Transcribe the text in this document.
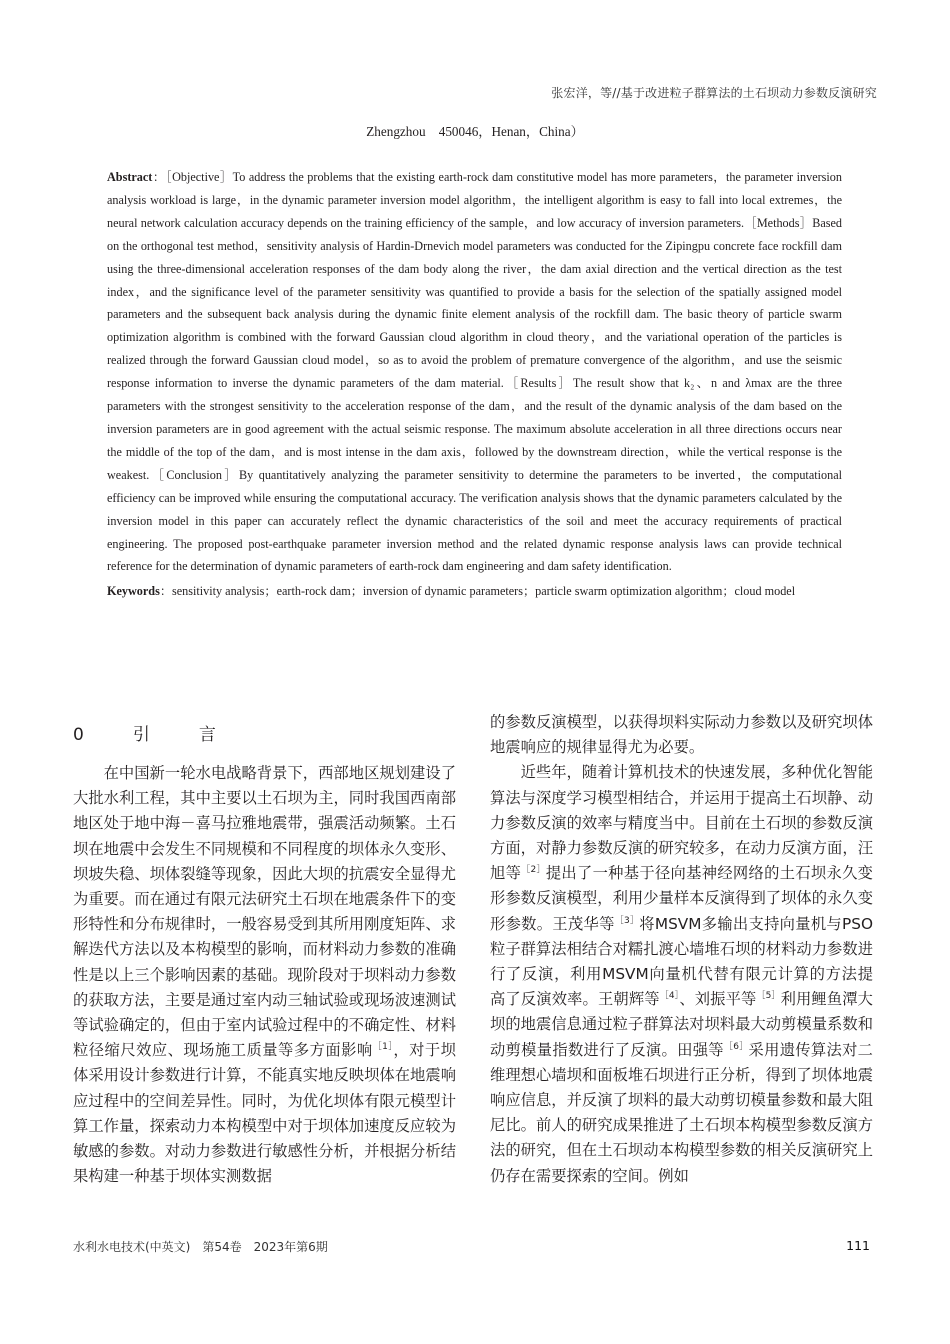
张宏洋，等//基于改进粒子群算法的土石坝动力参数反演研究
Zhengzhou　450046，Henan，China）
Abstract：［Objective］To address the problems that the existing earth-rock dam constitutive model has more parameters，the parameter inversion analysis workload is large，in the dynamic parameter inversion model algorithm，the intelligent algorithm is easy to fall into local extremes，the neural network calculation accuracy depends on the training efficiency of the sample，and low accuracy of inversion parameters.［Methods］Based on the orthogonal test method，sensitivity analysis of Hardin-Drnevich model parameters was conducted for the Zipingpu concrete face rockfill dam using the three-dimensional acceleration responses of the dam body along the river，the dam axial direction and the vertical direction as the test index，and the significance level of the parameter sensitivity was quantified to provide a basis for the selection of the spatially assigned model parameters and the subsequent back analysis during the dynamic finite element analysis of the rockfill dam. The basic theory of particle swarm optimization algorithm is combined with the forward Gaussian cloud algorithm in cloud theory，and the variational operation of the particles is realized through the forward Gaussian cloud model，so as to avoid the problem of premature convergence of the algorithm，and use the seismic response information to inverse the dynamic parameters of the dam material.［Results］The result show that k₂、n and λmax are the three parameters with the strongest sensitivity to the acceleration response of the dam，and the result of the dynamic analysis of the dam based on the inversion parameters are in good agreement with the actual seismic response. The maximum absolute acceleration in all three directions occurs near the middle of the top of the dam，and is most intense in the dam axis，followed by the downstream direction，while the vertical response is the weakest.［Conclusion］By quantitatively analyzing the parameter sensitivity to determine the parameters to be inverted，the computational efficiency can be improved while ensuring the computational accuracy. The verification analysis shows that the dynamic parameters calculated by the inversion model in this paper can accurately reflect the dynamic characteristics of the soil and meet the accuracy requirements of practical engineering. The proposed post-earthquake parameter inversion method and the related dynamic response analysis laws can provide technical reference for the determination of dynamic parameters of earth-rock dam engineering and dam safety identification.
Keywords：sensitivity analysis；earth-rock dam；inversion of dynamic parameters；particle swarm optimization algorithm；cloud model
0　引　言

在中国新一轮水电战略背景下，西部地区规划建设了大批水利工程，其中主要以土石坝为主，同时我国西南部地区处于地中海－喜马拉雅地震带，强震活动频繁。土石坝在地震中会发生不同规模和不同程度的坝体永久变形、坝坡失稳、坝体裂缝等现象，因此大坝的抗震安全显得尤为重要。而在通过有限元法研究土石坝在地震条件下的变形特性和分布规律时，一般容易受到其所用刚度矩阵、求解迭代方法以及本构模型的影响，而材料动力参数的准确性是以上三个影响因素的基础。现阶段对于坝料动力参数的获取方法，主要是通过室内动三轴试验或现场波速测试等试验确定的，但由于室内试验过程中的不确定性、材料粒径缩尺效应、现场施工质量等多方面影响$^{[1]}$，对于坝体采用设计参数进行计算，不能真实地反映坝体在地震响应过程中的空间差异性。同时，为优化坝体有限元模型计算工作量，探索动力本构模型中对于坝体加速度反应较为敏感的参数。对动力参数进行敏感性分析，并根据分析结果构建一种基于坝体实测数据

的参数反演模型，以获得坝料实际动力参数以及研究坝体地震响应的规律显得尤为必要。

近些年，随着计算机技术的快速发展，多种优化智能算法与深度学习模型相结合，并运用于提高土石坝静、动力参数反演的效率与精度当中。目前在土石坝的参数反演方面，对静力参数反演的研究较多，在动力反演方面，汪旭等$^{[2]}$提出了一种基于径向基神经网络的土石坝永久变形参数反演模型，利用少量样本反演得到了坝体的永久变形参数。王茂华等$^{[3]}$将MSVM多输出支持向量机与PSO粒子群算法相结合对糯扎渡心墙堆石坝的材料动力参数进行了反演，利用MSVM向量机代替有限元计算的方法提高了反演效率。王朝辉等$^{[4]}$、刘振平等$^{[5]}$利用鲤鱼潭大坝的地震信息通过粒子群算法对坝料最大动剪模量系数和动剪模量指数进行了反演。田强等$^{[6]}$采用遗传算法对二维理想心墙坝和面板堆石坝进行正分析，得到了坝体地震响应信息，并反演了坝料的最大动剪切模量参数和最大阻尼比。前人的研究成果推进了土石坝本构模型参数反演方法的研究，但在土石坝动本构模型参数的相关反演研究上仍存在需要探索的空间。例如

水利水电技术(中英文)　第54卷　2023年第6期	111
